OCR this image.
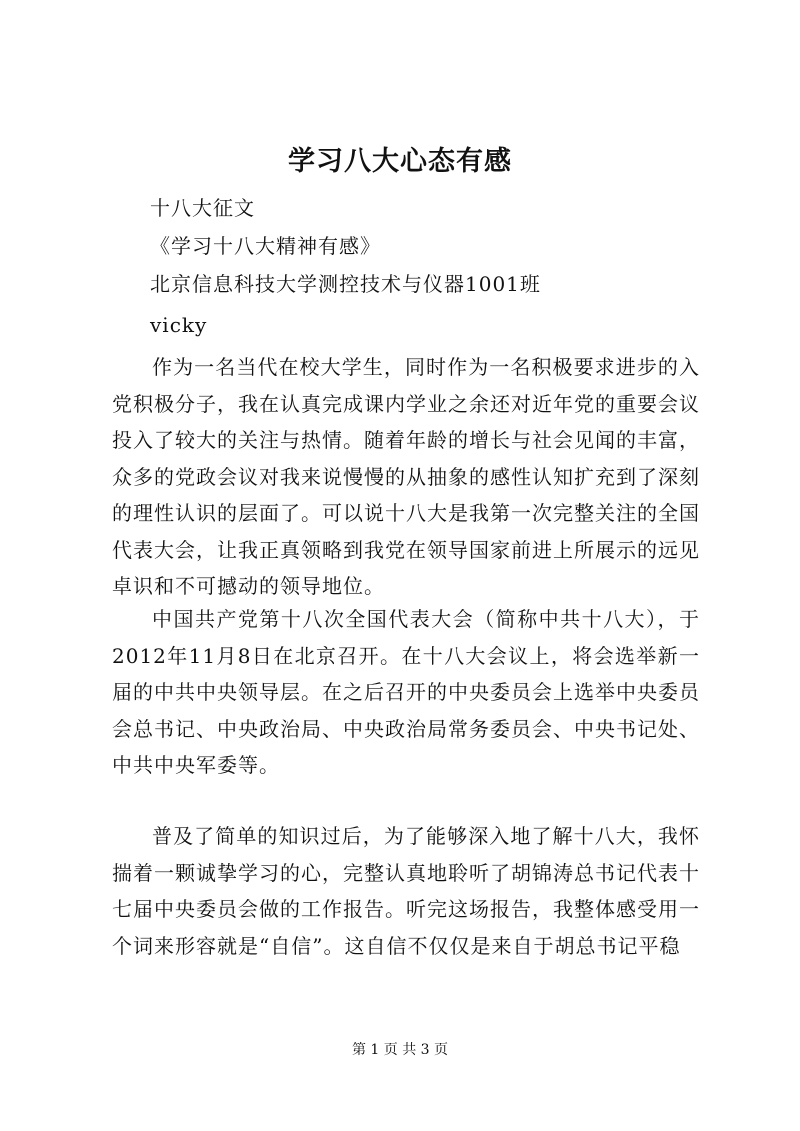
学习八大心态有感
十八大征文
《学习十八大精神有感》
北京信息科技大学测控技术与仪器1001班
vicky

作为一名当代在校大学生，同时作为一名积极要求进步的入党积极分子，我在认真完成课内学业之余还对近年党的重要会议投入了较大的关注与热情。随着年龄的增长与社会见闻的丰富，众多的党政会议对我来说慢慢的从抽象的感性认知扩充到了深刻的理性认识的层面了。可以说十八大是我第一次完整关注的全国代表大会，让我正真领略到我党在领导国家前进上所展示的远见卓识和不可撼动的领导地位。

中国共产党第十八次全国代表大会（简称中共十八大），于2012年11月8日在北京召开。在十八大会议上，将会选举新一届的中共中央领导层。在之后召开的中央委员会上选举中央委员会总书记、中央政治局、中央政治局常务委员会、中央书记处、中共中央军委等。

普及了简单的知识过后，为了能够深入地了解十八大，我怀揣着一颗诚挚学习的心，完整认真地聆听了胡锦涛总书记代表十七届中央委员会做的工作报告。听完这场报告，我整体感受用一个词来形容就是“自信”。这自信不仅仅是来自于胡总书记平稳

第 1 页 共 3 页
